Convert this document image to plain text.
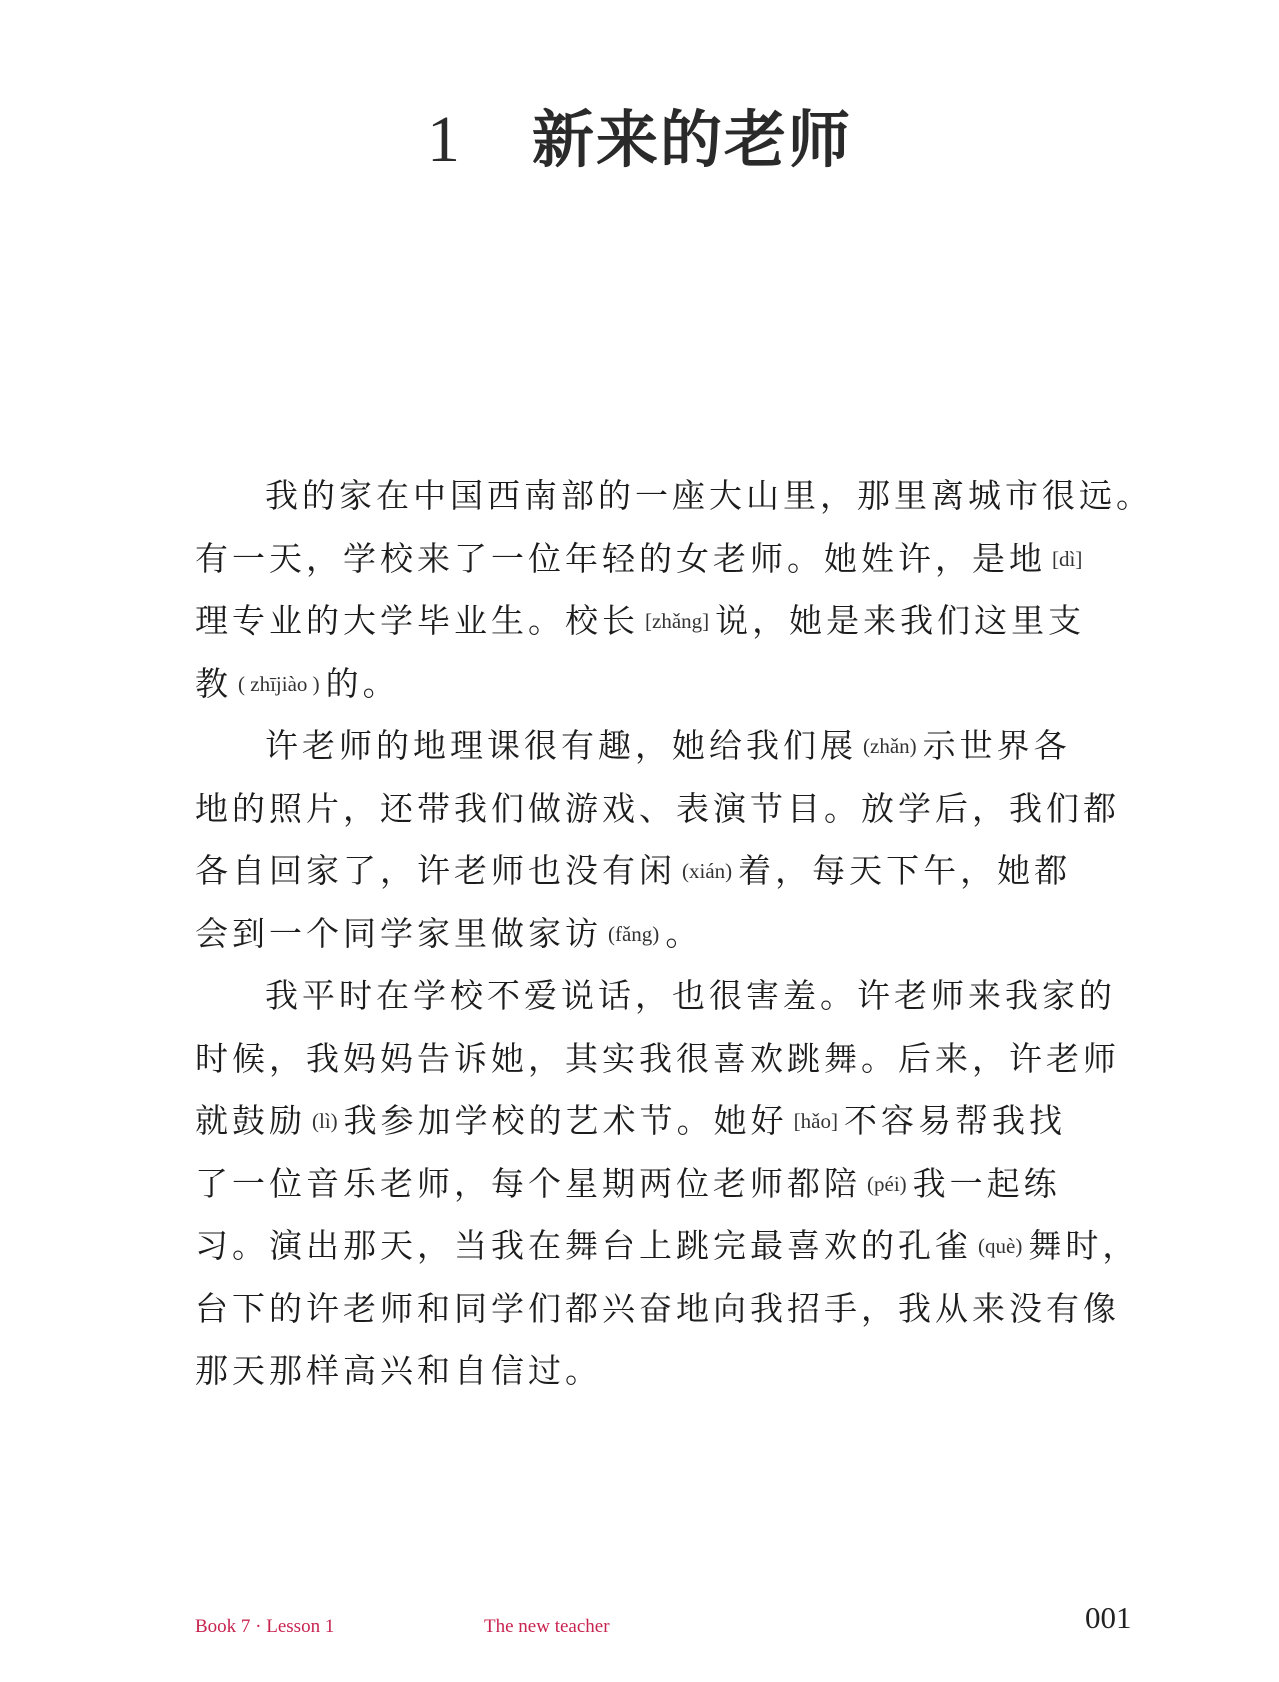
1 新来的老师
我的家在中国西南部的一座大山里，那里离城市很远。
有一天，学校来了一位年轻的女老师。她姓许，是地 [dì]
理专业的大学毕业生。校长 [zhǎng] 说，她是来我们这里支
教 ( zhījiào ) 的。
许老师的地理课很有趣，她给我们展 (zhǎn) 示世界各
地的照片，还带我们做游戏、表演节目。放学后，我们都
各自回家了，许老师也没有闲 (xián) 着，每天下午，她都
会到一个同学家里做家访 (fǎng) 。
我平时在学校不爱说话，也很害羞。许老师来我家的
时候，我妈妈告诉她，其实我很喜欢跳舞。后来，许老师
就鼓励 (lì) 我参加学校的艺术节。她好 [hǎo] 不容易帮我找
了一位音乐老师，每个星期两位老师都陪 (péi) 我一起练
习。演出那天，当我在舞台上跳完最喜欢的孔雀 (què) 舞时，
台下的许老师和同学们都兴奋地向我招手，我从来没有像
那天那样高兴和自信过。
Book 7 · Lesson 1	The new teacher	001
